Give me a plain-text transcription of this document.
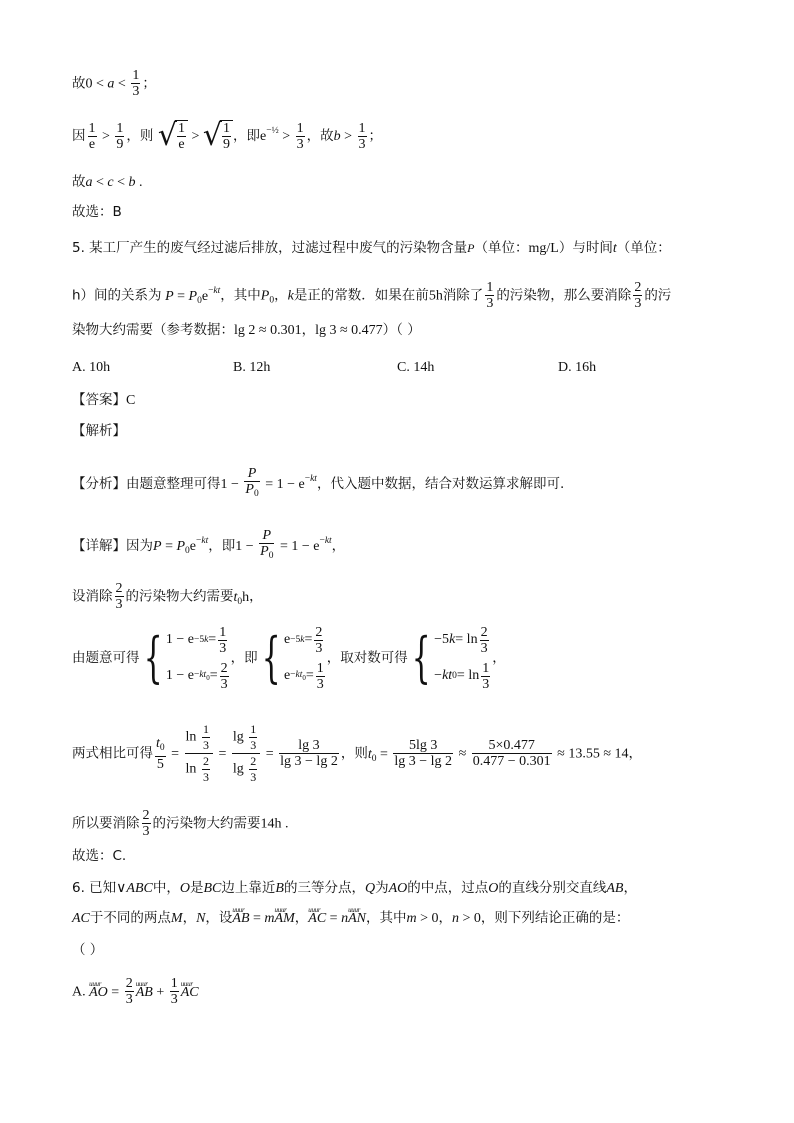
故$0 < a < \frac{1}{3}$ ；
因 $\frac{1}{e} > \frac{1}{9}$ ，则 √ $\frac{1}{e}$ > √ $\frac{1}{9}$ ，即$e^{-\frac{1}{2}} > \frac{1}{3}$ ，故$b > \frac{1}{3}$ ；
故a < c < b .
故选：B
5. 某工厂产生的废气经过滤后排放，过滤过程中废气的污染物含量P（单位：mg/L）与时间t（单位：
h）间的关系为 $P = P_0e^{-kt}$，其中$P_0$，k是正的常数．如果在前5h消除了 $\frac{1}{3}$ 的污染物，那么要消除 $\frac{2}{3}$ 的污
染物大约需要（参考数据：lg 2 ≈ 0.301，lg 3 ≈ 0.477）（ ）
A. 10h	B. 12h	C. 14h	D. 16h
【答案】C
【解析】
【分析】由题意整理可得$1 - \frac{P}{P_0} = 1 - e^{-kt}$，代入题中数据，结合对数运算求解即可.
【详解】因为$P = P_0e^{-kt}$，即$1 - \frac{P}{P_0} = 1 - e^{-kt}$，
设消除 $\frac{2}{3}$ 的污染物大约需要$t_0h$，
由题意可得{ $1 - e -5k = \frac{1}{3}$
$1 - e -kt_0 = \frac{2}{3}$
，即{ $e -5k = \frac{2}{3}$
$e -kt_0 = \frac{1}{3}$
，取对数可得{ −5 $k = \ln \frac{2}{3}$
− kt $0 = \ln \frac{1}{3}$
，
两式相比可得 $\frac{t_0}{5} = \frac{\ln \frac{1}{3}}{\ln \frac{2}{3}} = \frac{\lg \frac{1}{3}}{\lg \frac{2}{3}} = \frac{\lg 3}{\lg 3 - \lg 2}$ ，则$t_0 = \frac{5\lg 3}{\lg 3 - \lg 2} \approx \frac{5\times 0.477}{0.477 - 0.301} \approx 13.55 \approx 14$，
所以要消除 $\frac{2}{3}$ 的污染物大约需要14h .
故选：C.
6. 已知∨ABC中，O是BC边上靠近B的三等分点，Q为AO的中点，过点O的直线分别交直线AB，
AC于不同的两点M，N，设uuur AB = muuur AM，uuur AC = nuuur AN，其中m > 0，n > 0，则下列结论正确的是：
（ ）
A. uuur AO = $\frac{2}{3}$ uuur AB + $\frac{1}{3}$ uuur AC
